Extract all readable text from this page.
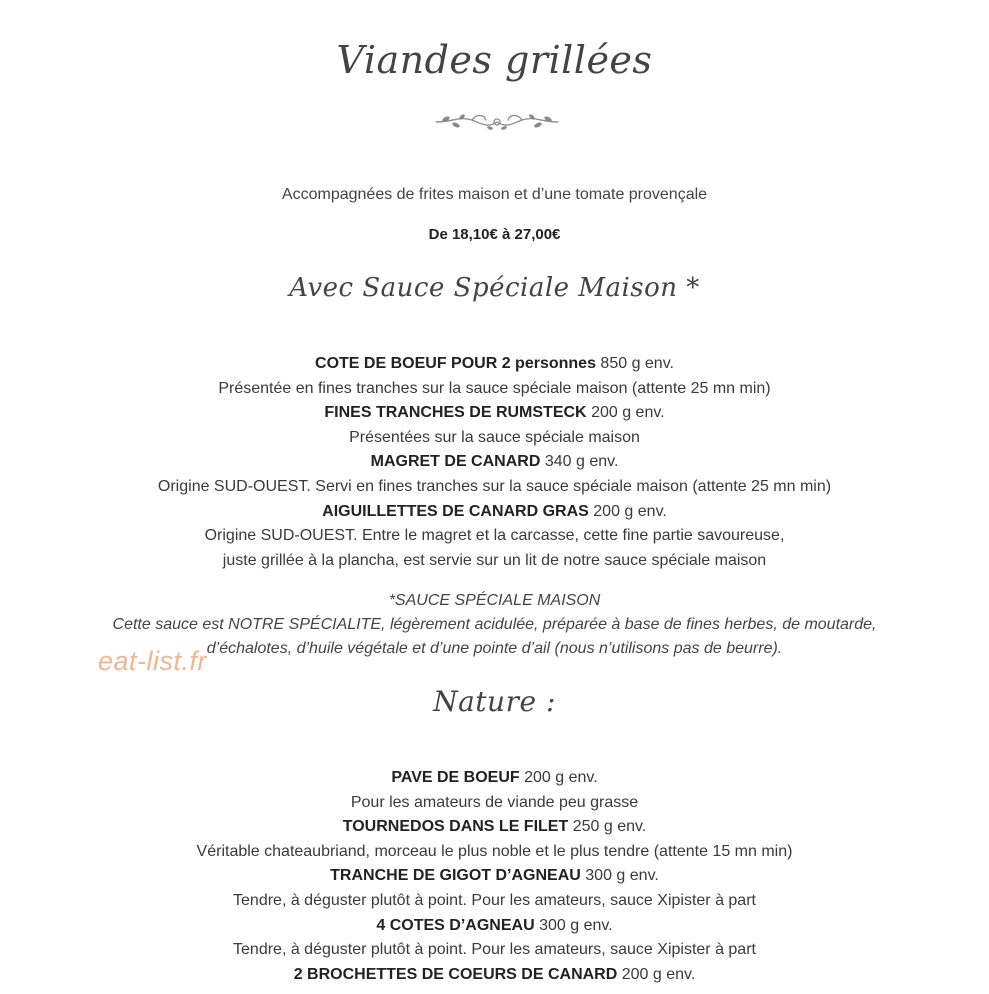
Viandes grillées
Accompagnées de frites maison et d’une tomate provençale
De 18,10€ à 27,00€
Avec Sauce Spéciale Maison *
COTE DE BOEUF POUR 2 personnes 850 g env.
Présentée en fines tranches sur la sauce spéciale maison (attente 25 mn min)
FINES TRANCHES DE RUMSTECK 200 g env.
Présentées sur la sauce spéciale maison
MAGRET DE CANARD 340 g env.
Origine SUD-OUEST. Servi en fines tranches sur la sauce spéciale maison (attente 25 mn min)
AIGUILLETTES DE CANARD GRAS 200 g env.
Origine SUD-OUEST. Entre le magret et la carcasse, cette fine partie savoureuse,
juste grillée à la plancha, est servie sur un lit de notre sauce spéciale maison
*SAUCE SPÉCIALE MAISON
Cette sauce est NOTRE SPÉCIALITE, légèrement acidulée, préparée à base de fines herbes, de moutarde,
d’échalotes, d’huile végétale et d’une pointe d’ail (nous n’utilisons pas de beurre).
eat-list.fr
Nature :
PAVE DE BOEUF 200 g env.
Pour les amateurs de viande peu grasse
TOURNEDOS DANS LE FILET 250 g env.
Véritable chateaubriand, morceau le plus noble et le plus tendre (attente 15 mn min)
TRANCHE DE GIGOT D’AGNEAU 300 g env.
Tendre, à déguster plutôt à point. Pour les amateurs, sauce Xipister à part
4 COTES D’AGNEAU 300 g env.
Tendre, à déguster plutôt à point. Pour les amateurs, sauce Xipister à part
2 BROCHETTES DE COEURS DE CANARD 200 g env.
